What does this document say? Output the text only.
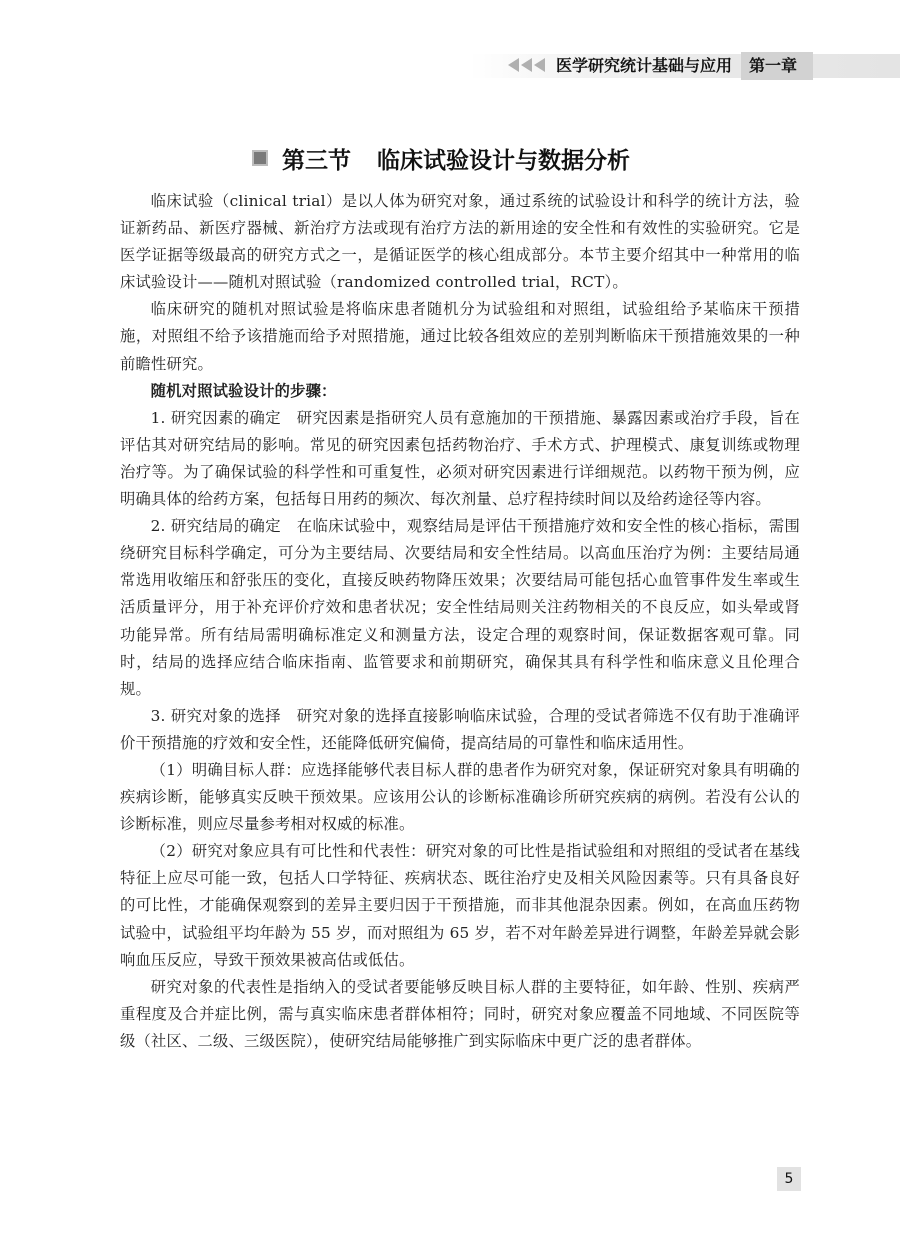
医学研究统计基础与应用	第一章
第三节 临床试验设计与数据分析

临床试验（clinical trial）是以人体为研究对象，通过系统的试验设计和科学的统计方法，验证新药品、新医疗器械、新治疗方法或现有治疗方法的新用途的安全性和有效性的实验研究。它是医学证据等级最高的研究方式之一，是循证医学的核心组成部分。本节主要介绍其中一种常用的临床试验设计——随机对照试验（randomized controlled trial，RCT）。

临床研究的随机对照试验是将临床患者随机分为试验组和对照组，试验组给予某临床干预措施，对照组不给予该措施而给予对照措施，通过比较各组效应的差别判断临床干预措施效果的一种前瞻性研究。

随机对照试验设计的步骤：

1. 研究因素的确定　研究因素是指研究人员有意施加的干预措施、暴露因素或治疗手段，旨在评估其对研究结局的影响。常见的研究因素包括药物治疗、手术方式、护理模式、康复训练或物理治疗等。为了确保试验的科学性和可重复性，必须对研究因素进行详细规范。以药物干预为例，应明确具体的给药方案，包括每日用药的频次、每次剂量、总疗程持续时间以及给药途径等内容。

2. 研究结局的确定　在临床试验中，观察结局是评估干预措施疗效和安全性的核心指标，需围绕研究目标科学确定，可分为主要结局、次要结局和安全性结局。以高血压治疗为例：主要结局通常选用收缩压和舒张压的变化，直接反映药物降压效果；次要结局可能包括心血管事件发生率或生活质量评分，用于补充评价疗效和患者状况；安全性结局则关注药物相关的不良反应，如头晕或肾功能异常。所有结局需明确标准定义和测量方法，设定合理的观察时间，保证数据客观可靠。同时，结局的选择应结合临床指南、监管要求和前期研究，确保其具有科学性和临床意义且伦理合规。

3. 研究对象的选择　研究对象的选择直接影响临床试验，合理的受试者筛选不仅有助于准确评价干预措施的疗效和安全性，还能降低研究偏倚，提高结局的可靠性和临床适用性。

（1）明确目标人群：应选择能够代表目标人群的患者作为研究对象，保证研究对象具有明确的疾病诊断，能够真实反映干预效果。应该用公认的诊断标准确诊所研究疾病的病例。若没有公认的诊断标准，则应尽量参考相对权威的标准。

（2）研究对象应具有可比性和代表性：研究对象的可比性是指试验组和对照组的受试者在基线特征上应尽可能一致，包括人口学特征、疾病状态、既往治疗史及相关风险因素等。只有具备良好的可比性，才能确保观察到的差异主要归因于干预措施，而非其他混杂因素。例如，在高血压药物试验中，试验组平均年龄为 55 岁，而对照组为 65 岁，若不对年龄差异进行调整，年龄差异就会影响血压反应，导致干预效果被高估或低估。

研究对象的代表性是指纳入的受试者要能够反映目标人群的主要特征，如年龄、性别、疾病严重程度及合并症比例，需与真实临床患者群体相符；同时，研究对象应覆盖不同地域、不同医院等级（社区、二级、三级医院），使研究结局能够推广到实际临床中更广泛的患者群体。

5
